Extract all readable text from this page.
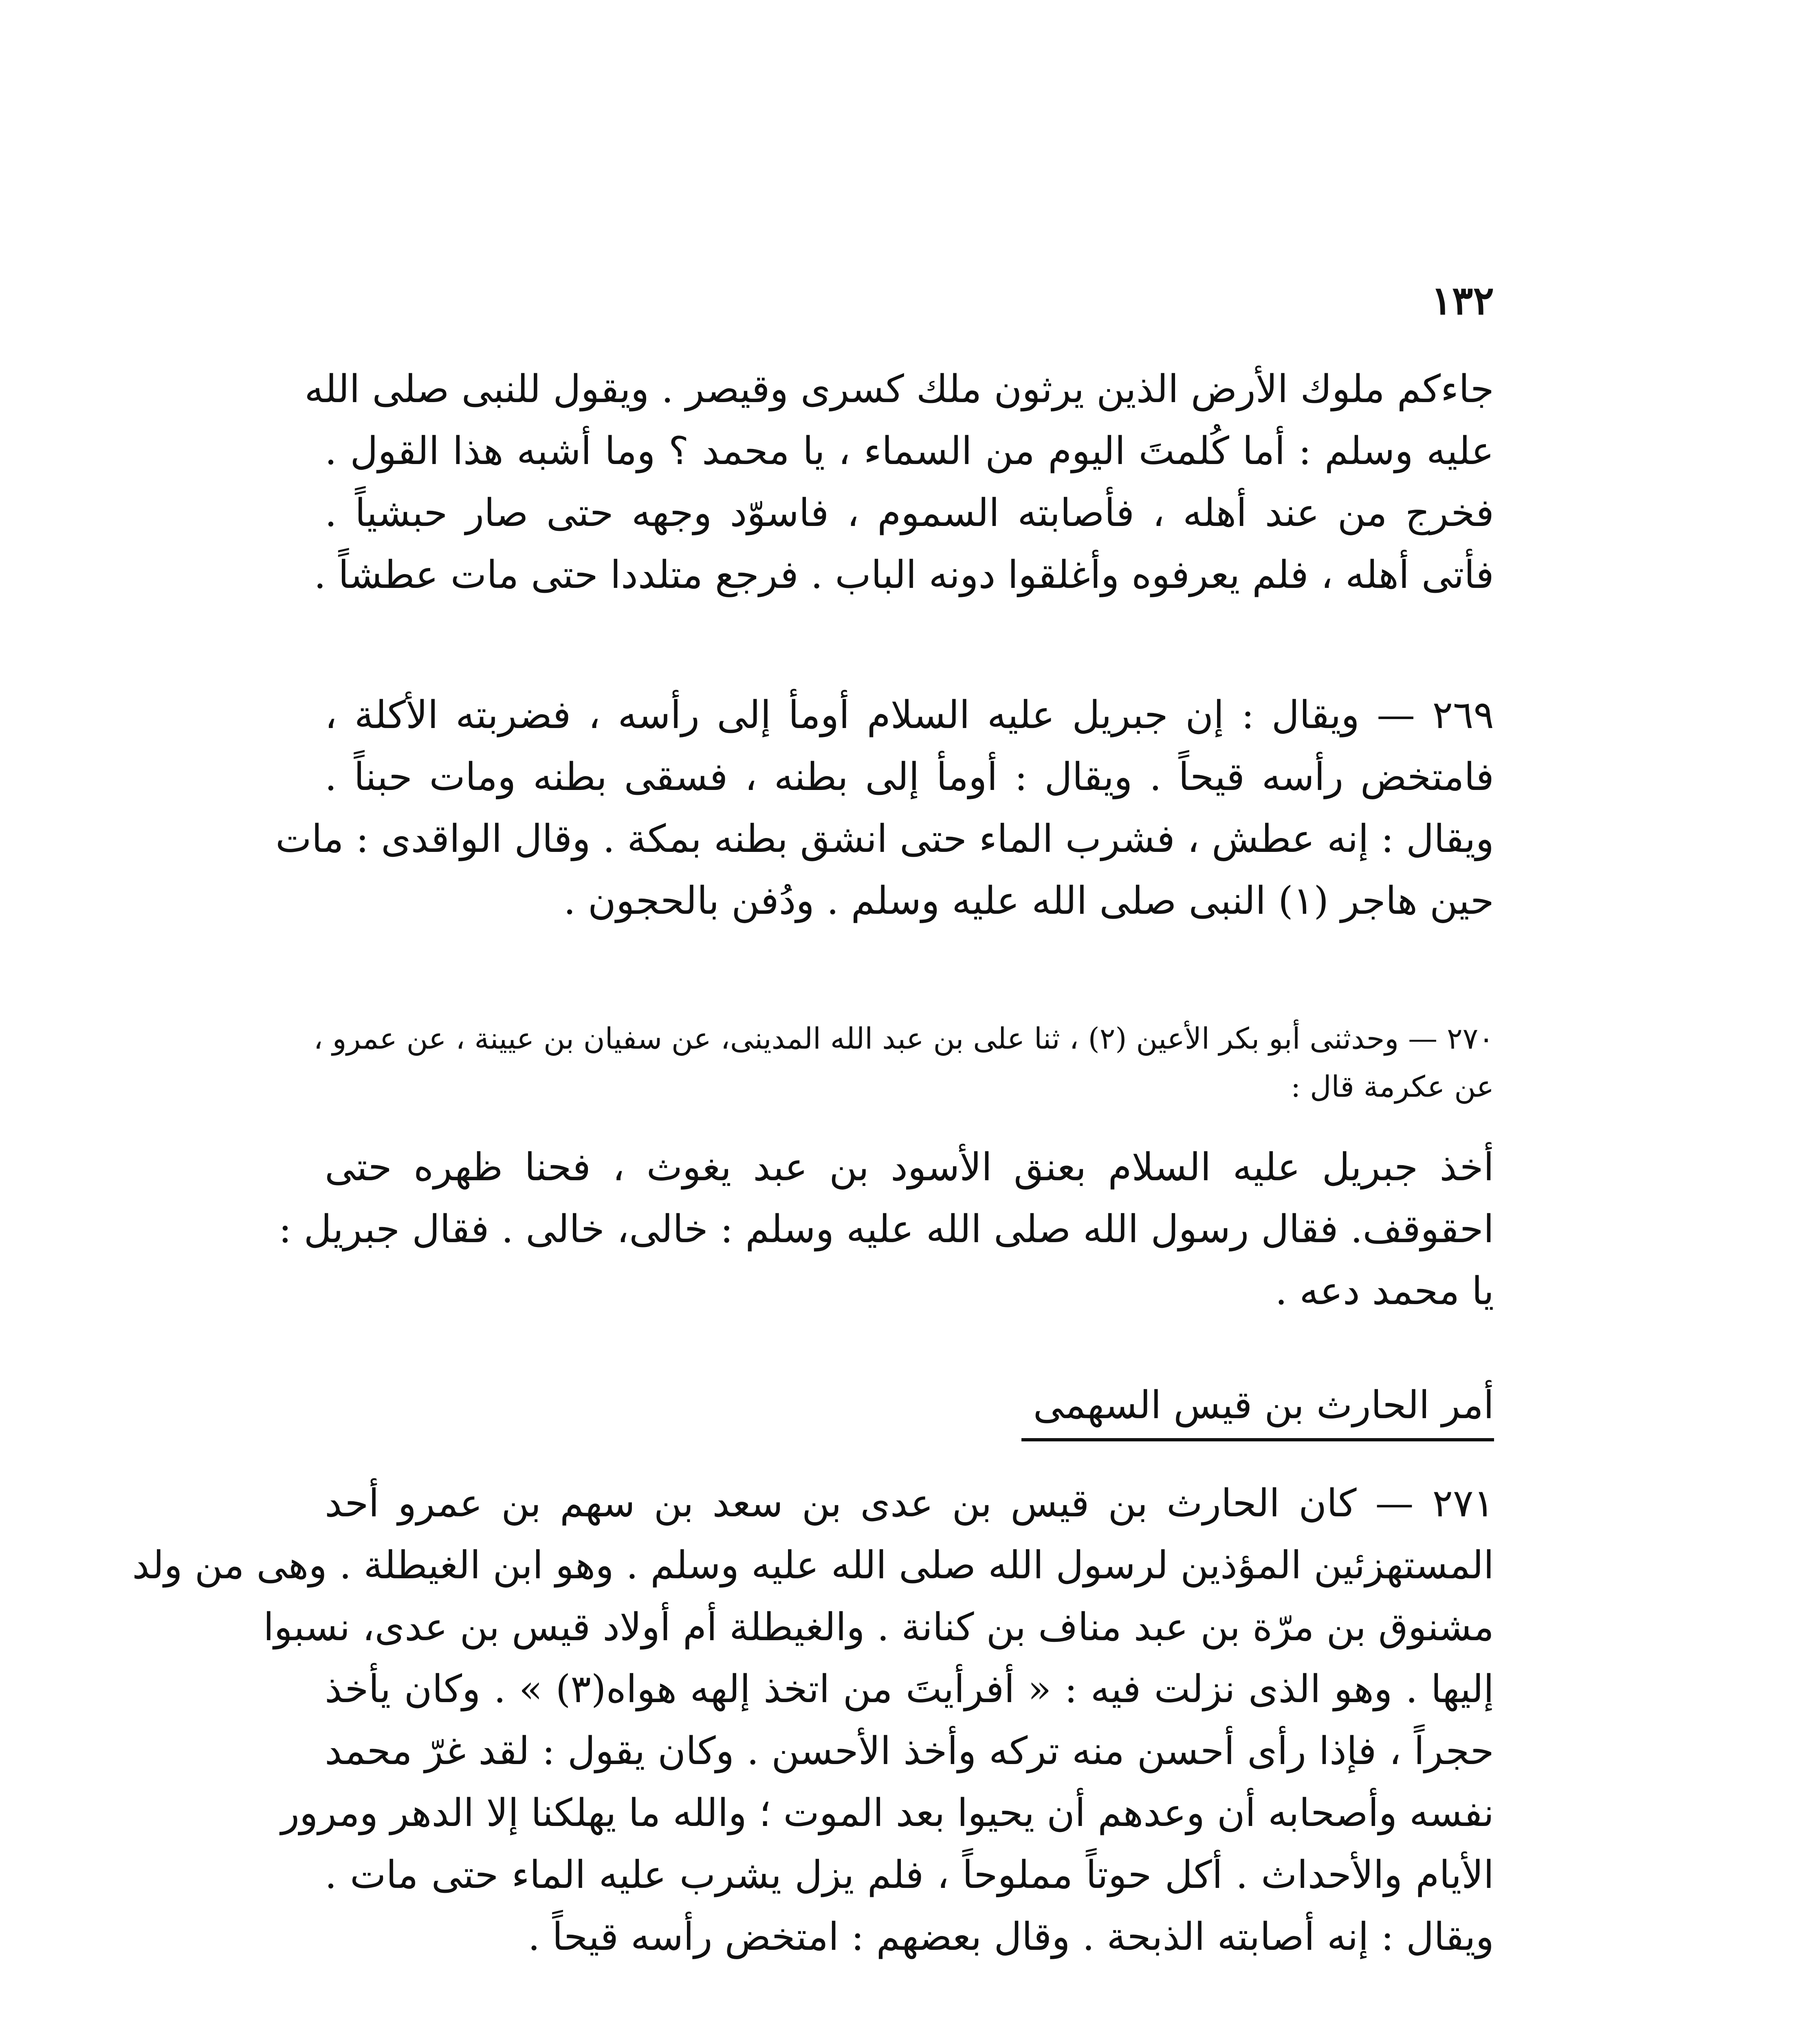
١٣٢
جاءكم ملوك الأرض الذين يرثون ملك كسرى وقيصر . ويقول للنبى صلى الله
عليه وسلم : أما كُلمتَ اليوم من السماء ، يا محمد ؟ وما أشبه هذا القول .
فخرج من عند أهله ، فأصابته السموم ، فاسوّد وجهه حتى صار حبشياً .
فأتى أهله ، فلم يعرفوه وأغلقوا دونه الباب . فرجع متلددا حتى مات عطشاً .
٢٦٩ — ويقال : إن جبريل عليه السلام أومأ إلى رأسه ، فضربته الأكلة ،
فامتخض رأسه قيحاً . ويقال : أومأ إلى بطنه ، فسقى بطنه ومات حبناً .
ويقال : إنه عطش ، فشرب الماء حتى انشق بطنه بمكة . وقال الواقدى : مات
حين هاجر (١) النبى صلى الله عليه وسلم . ودُفن بالحجون .
٢٧٠ — وحدثنى أبو بكر الأعين (٢) ، ثنا على بن عبد الله المدينى، عن سفيان بن عيينة ، عن عمرو ،
عن عكرمة قال :
أخذ جبريل عليه السلام بعنق الأسود بن عبد يغوث ، فحنا ظهره حتى
احقوقف. فقال رسول الله صلى الله عليه وسلم : خالى، خالى . فقال جبريل :
يا محمد دعه .
أمر الحارث بن قيس السهمى
٢٧١ — كان الحارث بن قيس بن عدى بن سعد بن سهم بن عمرو أحد
المستهزئين المؤذين لرسول الله صلى الله عليه وسلم . وهو ابن الغيطلة . وهى من ولد
مشنوق بن مرّة بن عبد مناف بن كنانة . والغيطلة أم أولاد قيس بن عدى، نسبوا
إليها . وهو الذى نزلت فيه : « أفرأيتَ من اتخذ إلهه هواه(٣) » . وكان يأخذ
حجراً ، فإذا رأى أحسن منه تركه وأخذ الأحسن . وكان يقول : لقد غرّ محمد
نفسه وأصحابه أن وعدهم أن يحيوا بعد الموت ؛ والله ما يهلكنا إلا الدهر ومرور
الأيام والأحداث . أكل حوتاً مملوحاً ، فلم يزل يشرب عليه الماء حتى مات .
ويقال : إنه أصابته الذبحة . وقال بعضهم : امتخض رأسه قيحاً .
